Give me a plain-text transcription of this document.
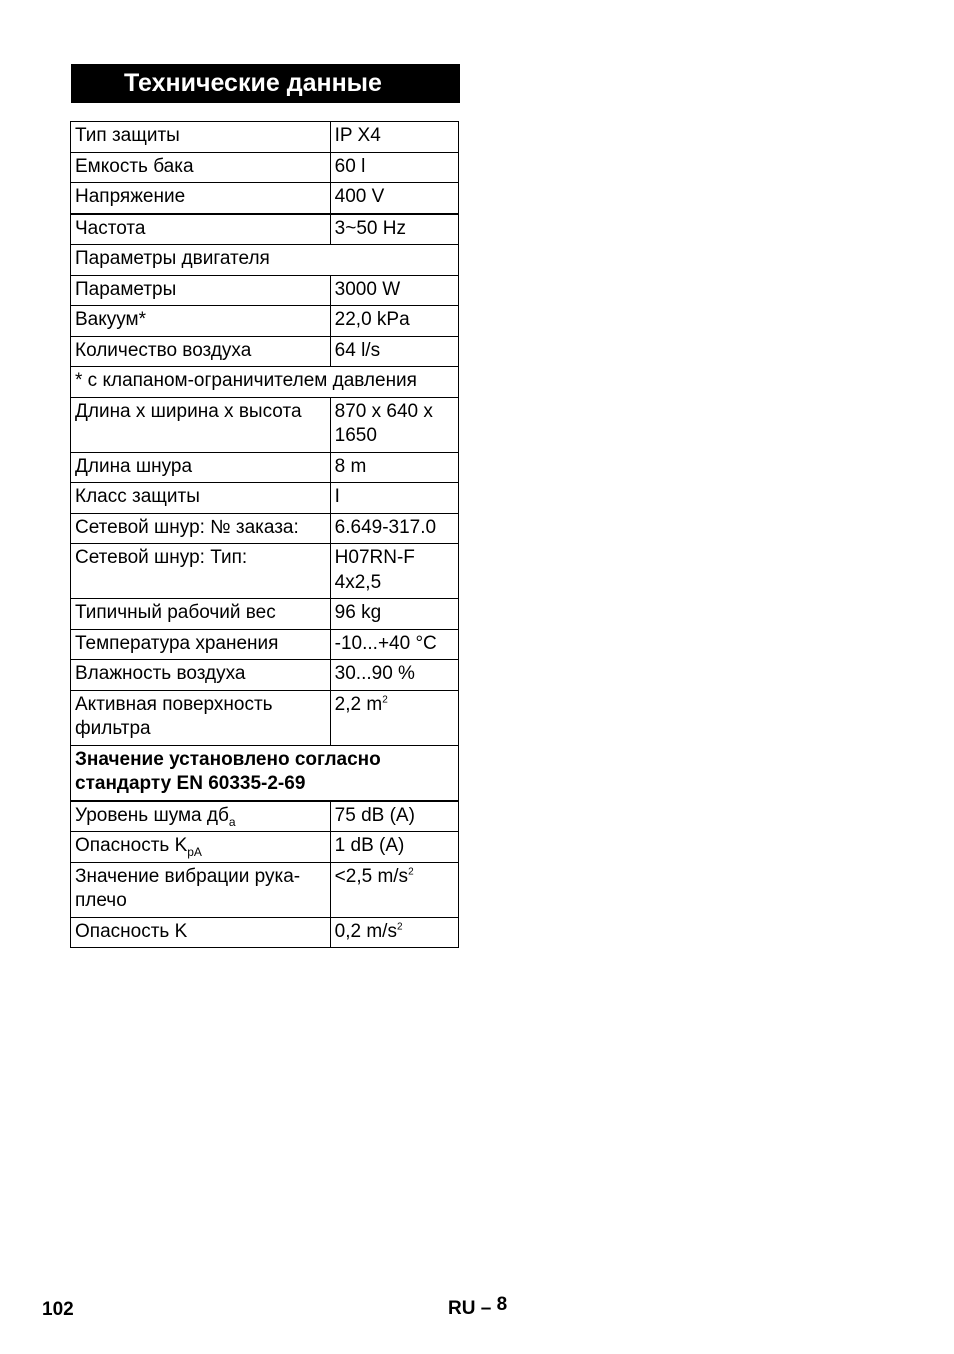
Технические данные
Тип защиты	IP X4
Емкость бака	60 l
Напряжение	400 V
Частота	3~50 Hz
Параметры двигателя	
Параметры	3000 W
Вакуум*	22,0 kPa
Количество воздуха	64 l/s
* с клапаном-ограничителем давления	
Длина х ширина х высота	870 x 640 x 1650
Длина шнура	8 m
Класс защиты	I
Сетевой шнур: № заказа:	6.649-317.0
Сетевой шнур: Тип:	H07RN-F 4x2,5
Типичный рабочий вес	96 kg
Температура хранения	-10...+40 °C
Влажность воздуха	30...90 %
Активная поверхность фильтра	2,2 $m^2$
Значение установлено согласно стандарту EN 60335-2-69	
Уровень шума $дб_a$	75 dB (A)
Опасность $K_{pA}$	1 dB (A)
Значение вибрации рука-плечо	<2,5 $m/s^2$
Опасность K	0,2 $m/s^2$
102	RU – 8
